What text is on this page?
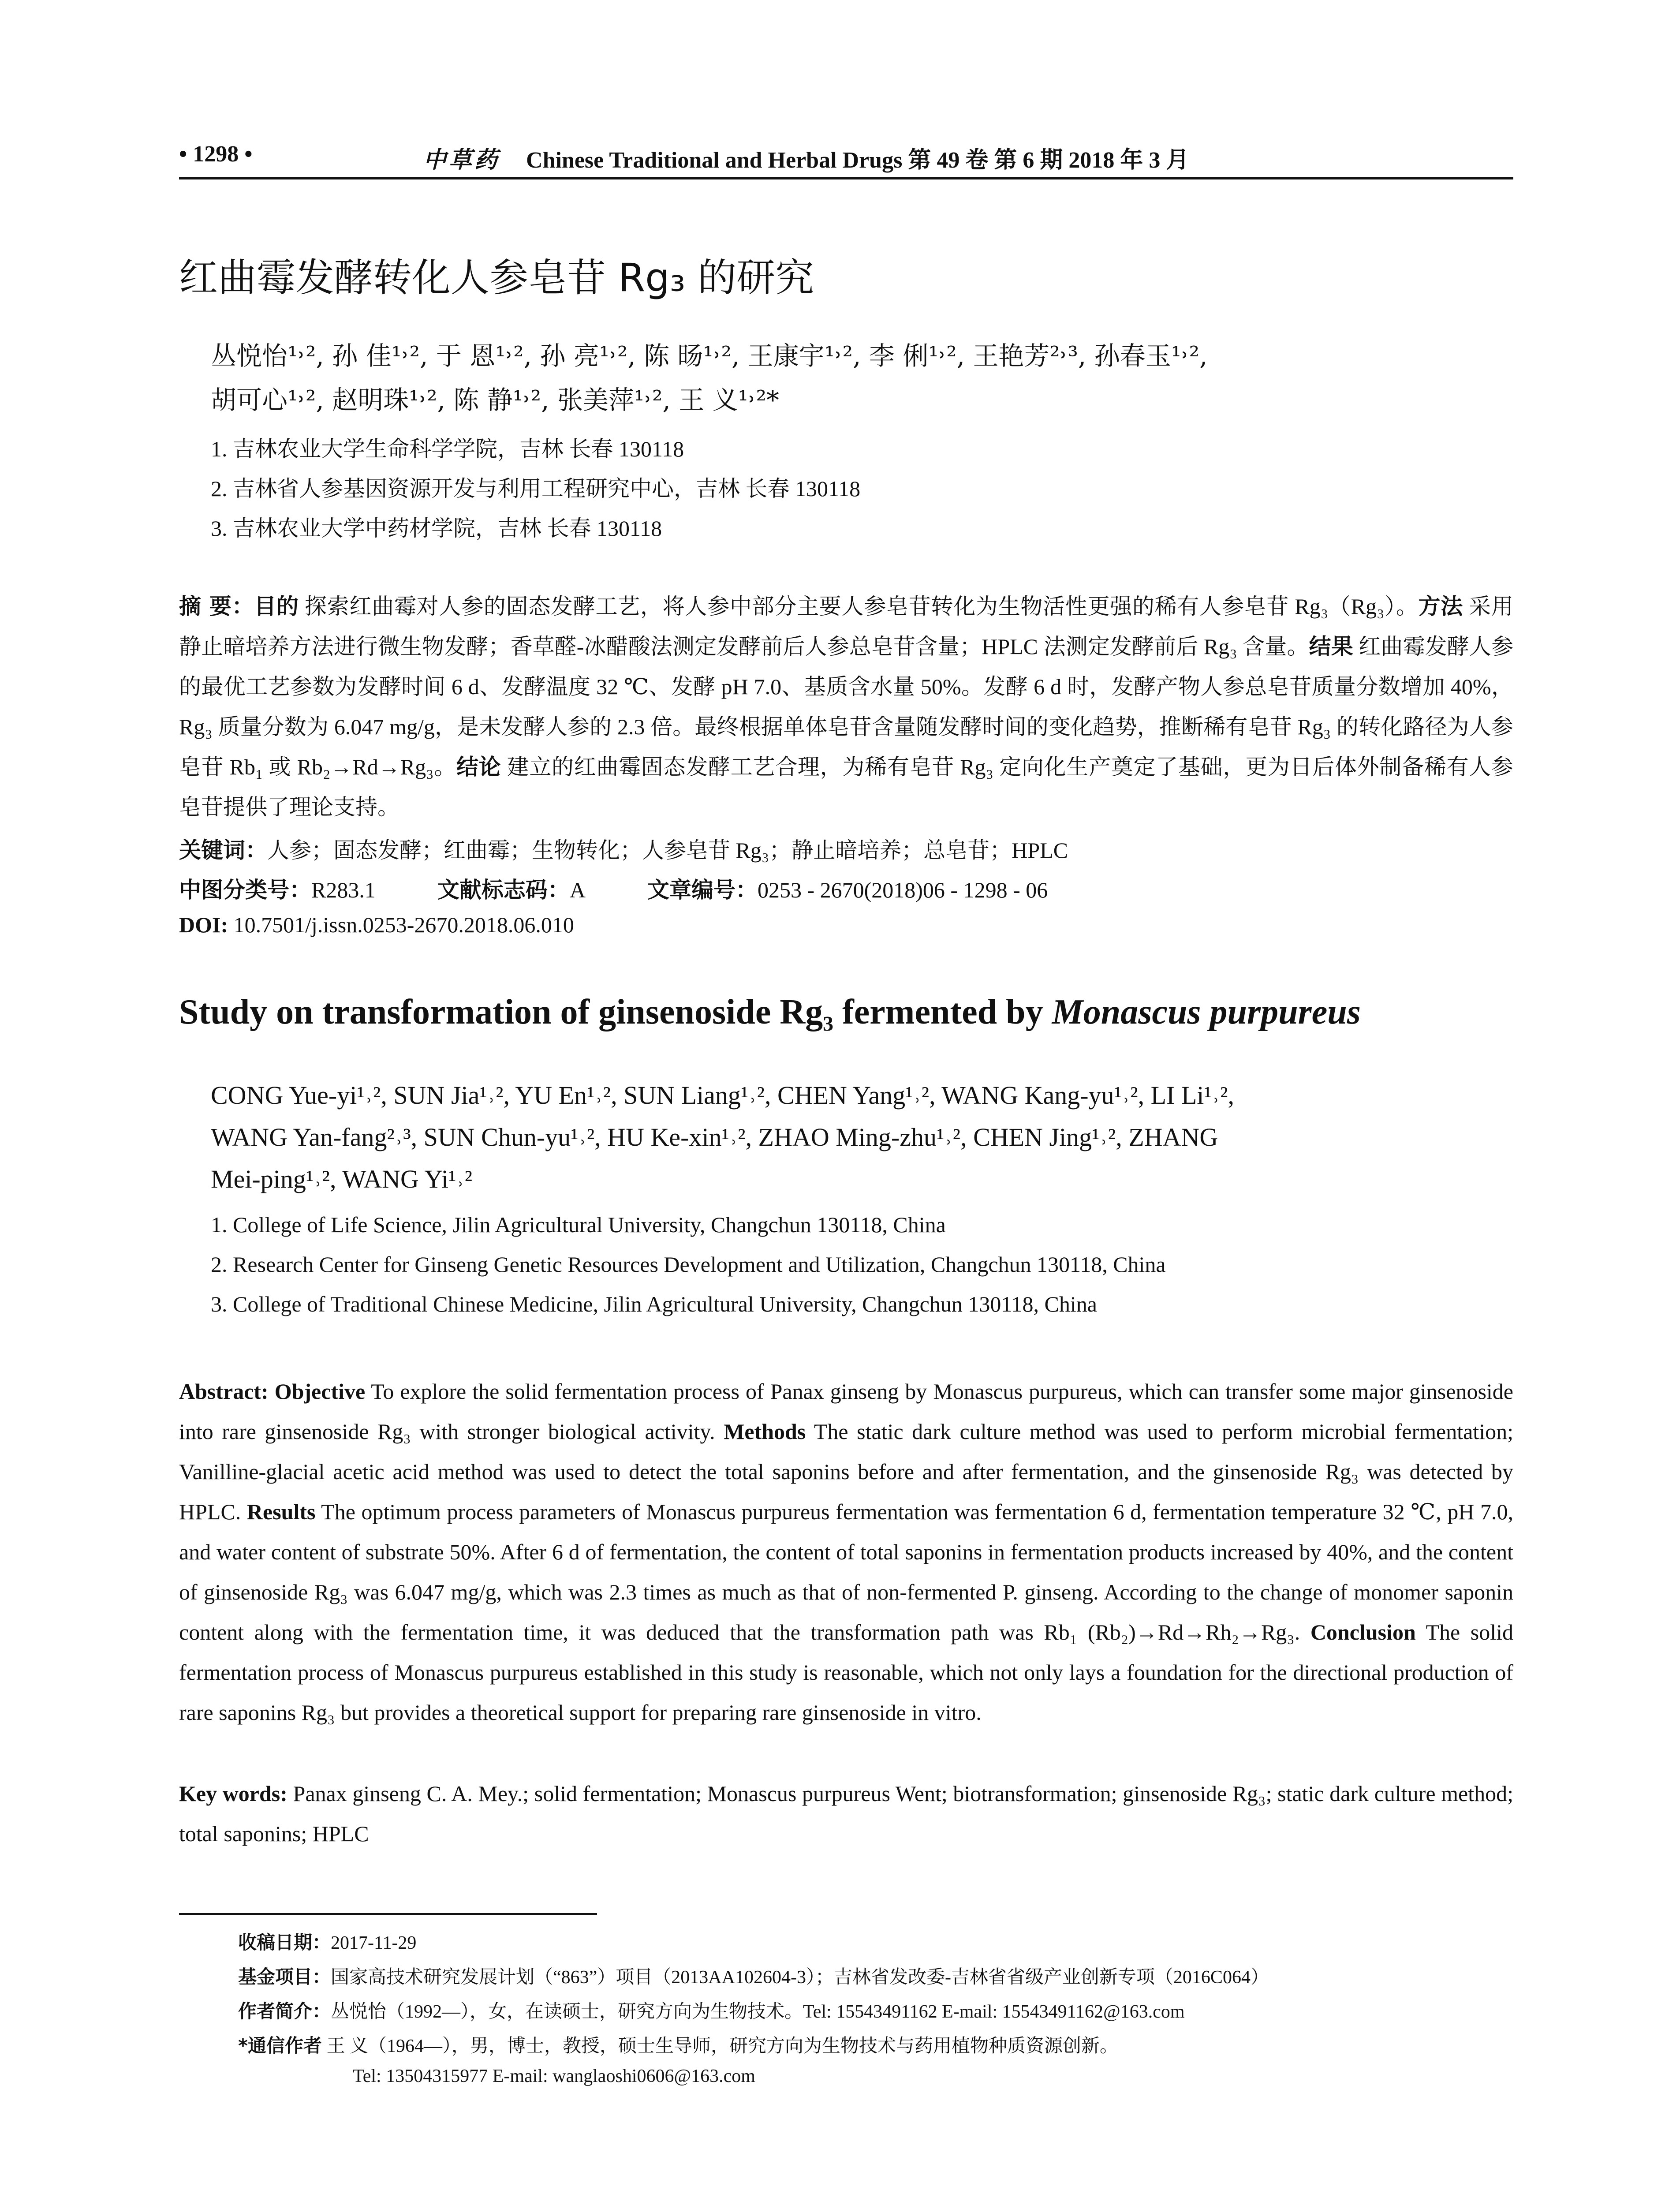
• 1298 •	中草药 Chinese Traditional and Herbal Drugs 第 49 卷 第 6 期 2018 年 3 月
红曲霉发酵转化人参皂苷 Rg₃ 的研究
丛悦怡¹˒², 孙 佳¹˒², 于 恩¹˒², 孙 亮¹˒², 陈 旸¹˒², 王康宇¹˒², 李 俐¹˒², 王艳芳²˒³, 孙春玉¹˒²,
胡可心¹˒², 赵明珠¹˒², 陈 静¹˒², 张美萍¹˒², 王 义¹˒²*
1. 吉林农业大学生命科学学院，吉林 长春 130118
2. 吉林省人参基因资源开发与利用工程研究中心，吉林 长春 130118
3. 吉林农业大学中药材学院，吉林 长春 130118
摘 要：目的 探索红曲霉对人参的固态发酵工艺，将人参中部分主要人参皂苷转化为生物活性更强的稀有人参皂苷 Rg₃（Rg₃）。方法 采用静止暗培养方法进行微生物发酵；香草醛-冰醋酸法测定发酵前后人参总皂苷含量；HPLC 法测定发酵前后 Rg₃ 含量。结果 红曲霉发酵人参的最优工艺参数为发酵时间 6 d、发酵温度 32 ℃、发酵 pH 7.0、基质含水量 50%。发酵 6 d 时，发酵产物人参总皂苷质量分数增加 40%，Rg₃ 质量分数为 6.047 mg/g，是未发酵人参的 2.3 倍。最终根据单体皂苷含量随发酵时间的变化趋势，推断稀有皂苷 Rg₃ 的转化路径为人参皂苷 Rb₁ 或 Rb₂→Rd→Rg₃。结论 建立的红曲霉固态发酵工艺合理，为稀有皂苷 Rg₃ 定向化生产奠定了基础，更为日后体外制备稀有人参皂苷提供了理论支持。
关键词：人参；固态发酵；红曲霉；生物转化；人参皂苷 Rg₃；静止暗培养；总皂苷；HPLC
中图分类号：R283.1	文献标志码：A	文章编号：0253 - 2670(2018)06 - 1298 - 06
DOI: 10.7501/j.issn.0253-2670.2018.06.010
Study on transformation of ginsenoside Rg₃ fermented by Monascus purpureus
CONG Yue-yi¹˒², SUN Jia¹˒², YU En¹˒², SUN Liang¹˒², CHEN Yang¹˒², WANG Kang-yu¹˒², LI Li¹˒²,
WANG Yan-fang²˒³, SUN Chun-yu¹˒², HU Ke-xin¹˒², ZHAO Ming-zhu¹˒², CHEN Jing¹˒², ZHANG
Mei-ping¹˒², WANG Yi¹˒²
1. College of Life Science, Jilin Agricultural University, Changchun 130118, China
2. Research Center for Ginseng Genetic Resources Development and Utilization, Changchun 130118, China
3. College of Traditional Chinese Medicine, Jilin Agricultural University, Changchun 130118, China
Abstract: Objective To explore the solid fermentation process of Panax ginseng by Monascus purpureus, which can transfer some major ginsenoside into rare ginsenoside Rg₃ with stronger biological activity. Methods The static dark culture method was used to perform microbial fermentation; Vanilline-glacial acetic acid method was used to detect the total saponins before and after fermentation, and the ginsenoside Rg₃ was detected by HPLC. Results The optimum process parameters of Monascus purpureus fermentation was fermentation 6 d, fermentation temperature 32 ℃, pH 7.0, and water content of substrate 50%. After 6 d of fermentation, the content of total saponins in fermentation products increased by 40%, and the content of ginsenoside Rg₃ was 6.047 mg/g, which was 2.3 times as much as that of non-fermented P. ginseng. According to the change of monomer saponin content along with the fermentation time, it was deduced that the transformation path was Rb₁ (Rb₂)→Rd→Rh₂→Rg₃. Conclusion The solid fermentation process of Monascus purpureus established in this study is reasonable, which not only lays a foundation for the directional production of rare saponins Rg₃ but provides a theoretical support for preparing rare ginsenoside in vitro.
Key words: Panax ginseng C. A. Mey.; solid fermentation; Monascus purpureus Went; biotransformation; ginsenoside Rg₃; static dark culture method; total saponins; HPLC
收稿日期：2017-11-29
基金项目：国家高技术研究发展计划（“863”）项目（2013AA102604-3）；吉林省发改委-吉林省省级产业创新专项（2016C064）
作者简介：丛悦怡（1992—），女，在读硕士，研究方向为生物技术。Tel: 15543491162 E-mail: 15543491162@163.com
*通信作者 王 义（1964—），男，博士，教授，硕士生导师，研究方向为生物技术与药用植物种质资源创新。
Tel: 13504315977 E-mail: wanglaoshi0606@163.com
